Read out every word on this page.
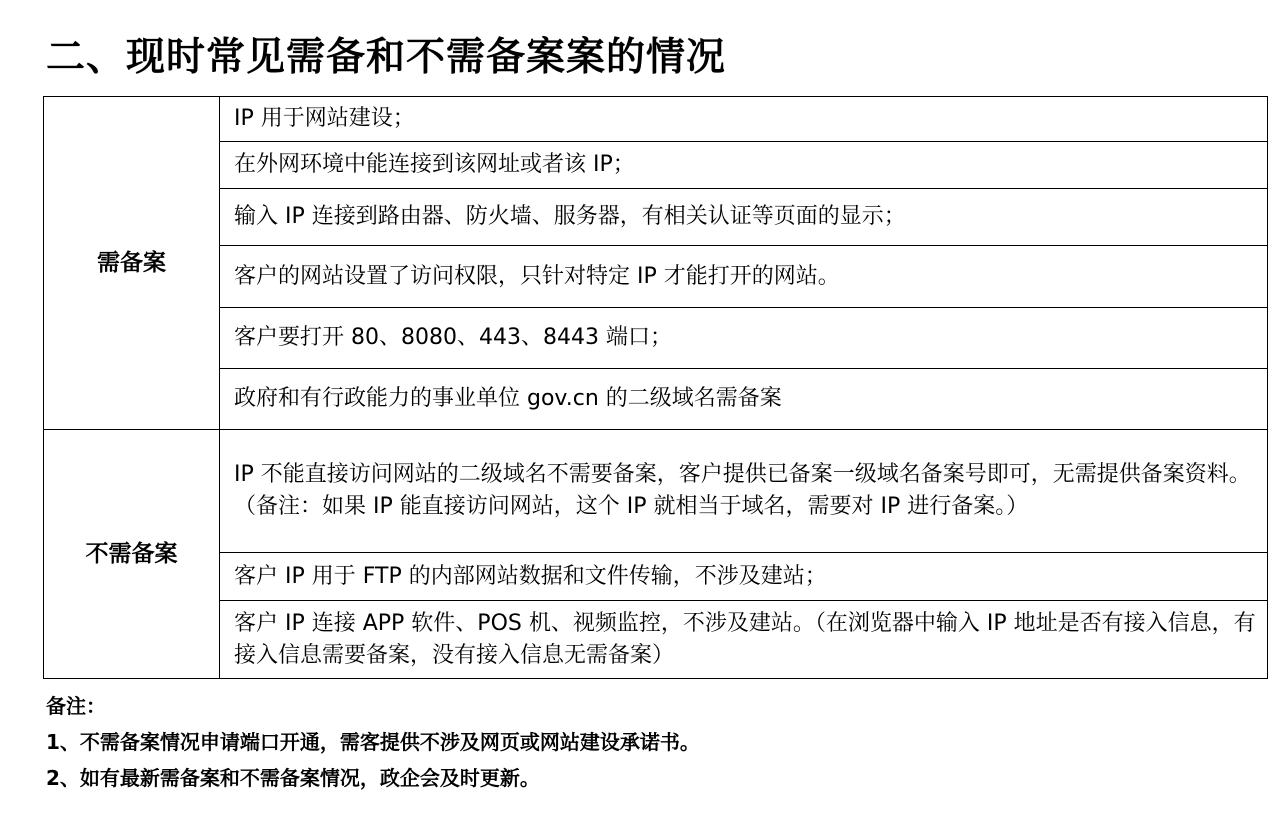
二、现时常见需备和不需备案案的情况
需备案	IP 用于网站建设；
	在外网环境中能连接到该网址或者该 IP；
	输入 IP 连接到路由器、防火墙、服务器，有相关认证等页面的显示；
	客户的网站设置了访问权限，只针对特定 IP 才能打开的网站。
	客户要打开 80、8080、443、8443 端口；
	政府和有行政能力的事业单位 gov.cn 的二级域名需备案
不需备案	IP 不能直接访问网站的二级域名不需要备案，客户提供已备案一级域名备案号即可，无需提供备案资料。（备注：如果 IP 能直接访问网站，这个 IP 就相当于域名，需要对 IP 进行备案。）
	客户 IP 用于 FTP 的内部网站数据和文件传输，不涉及建站；
	客户 IP 连接 APP 软件、POS 机、视频监控，不涉及建站。（在浏览器中输入 IP 地址是否有接入信息，有接入信息需要备案，没有接入信息无需备案）
备注：
1、不需备案情况申请端口开通，需客提供不涉及网页或网站建设承诺书。
2、如有最新需备案和不需备案情况，政企会及时更新。
